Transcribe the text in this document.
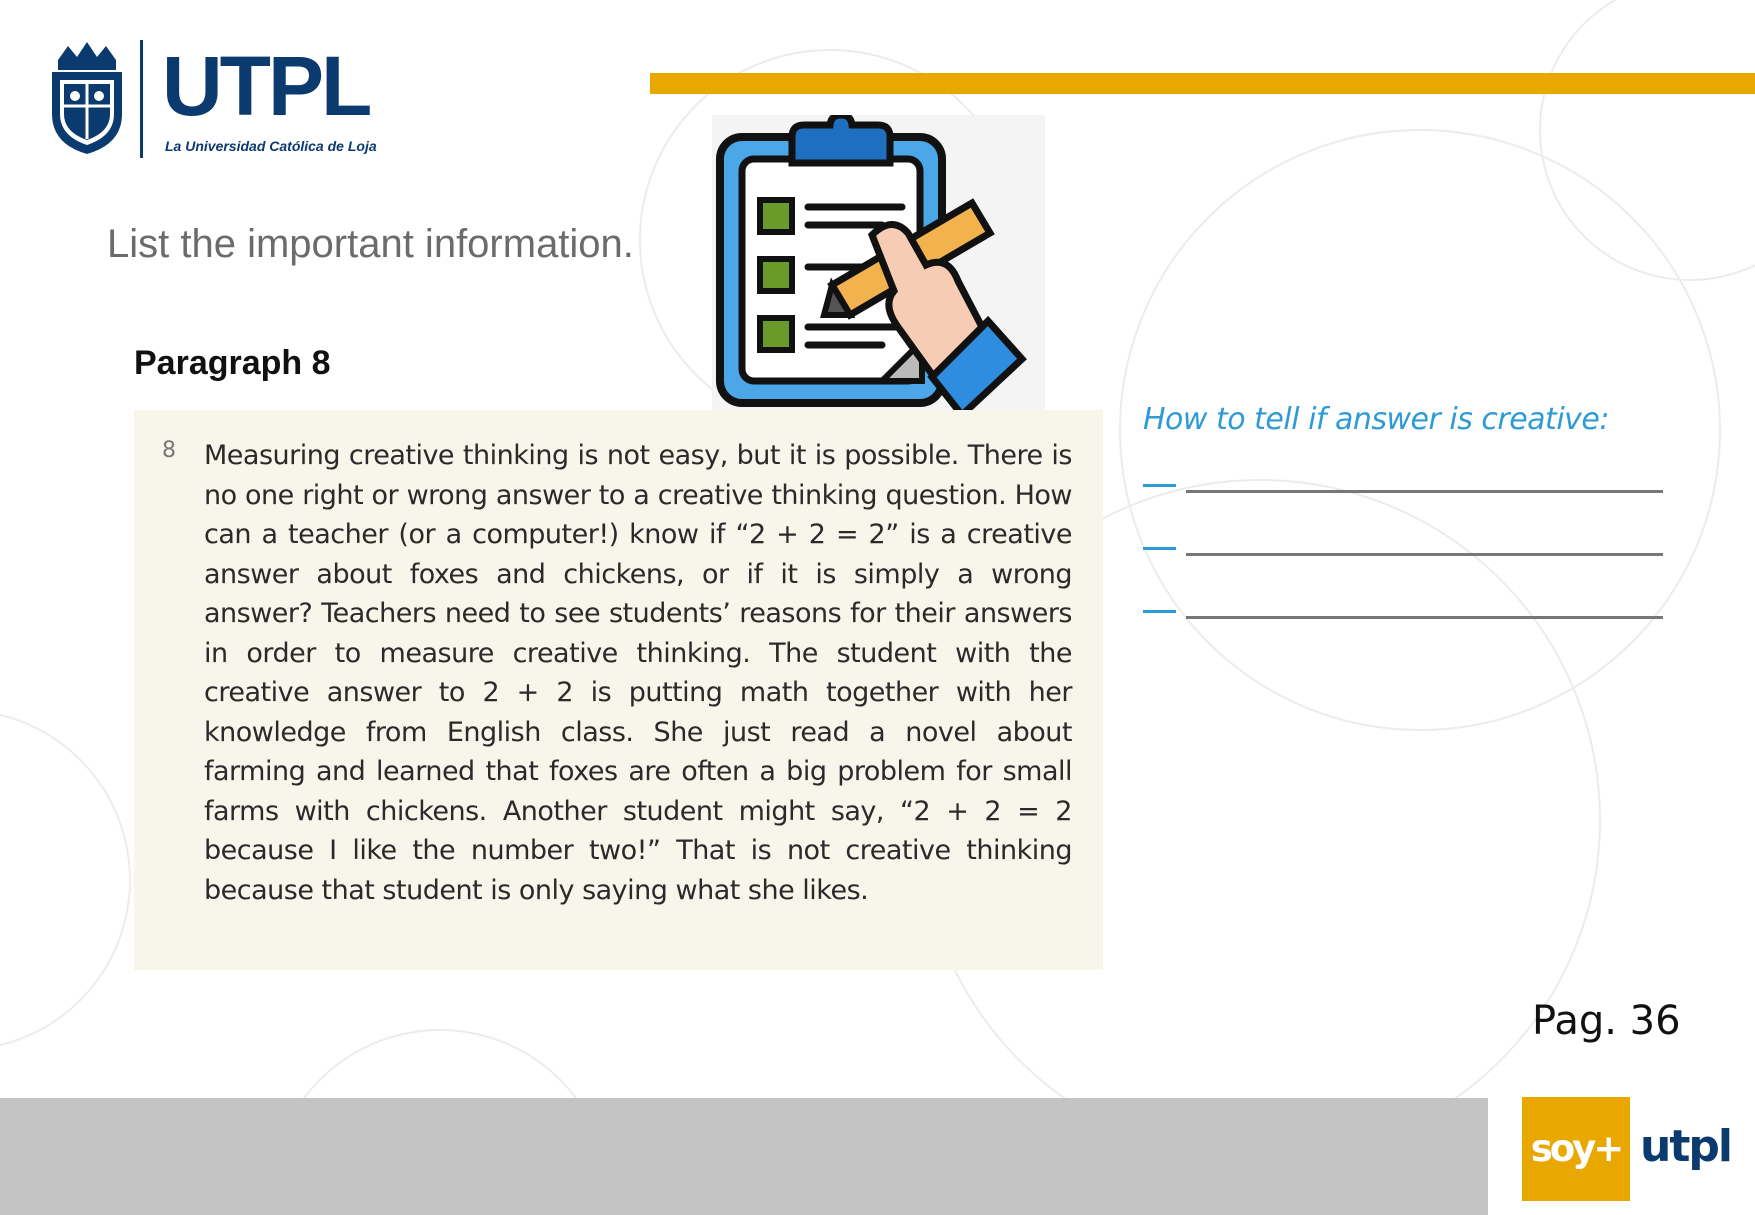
UTPL
La Universidad Católica de Loja
List the important information.
Paragraph 8
8 Measuring creative thinking is not easy, but it is possible. There is no one right or wrong answer to a creative thinking question. How can a teacher (or a computer!) know if “2 + 2 = 2” is a creative answer about foxes and chickens, or if it is simply a wrong answer? Teachers need to see students’ reasons for their answers in order to measure creative thinking. The student with the creative answer to 2 + 2 is putting math together with her knowledge from English class. She just read a novel about farming and learned that foxes are often a big problem for small farms with chickens. Another student might say, “2 + 2 = 2 because I like the number two!” That is not creative thinking because that student is only saying what she likes.

How to tell if answer is creative:
Pag. 36
soy+ utpl
